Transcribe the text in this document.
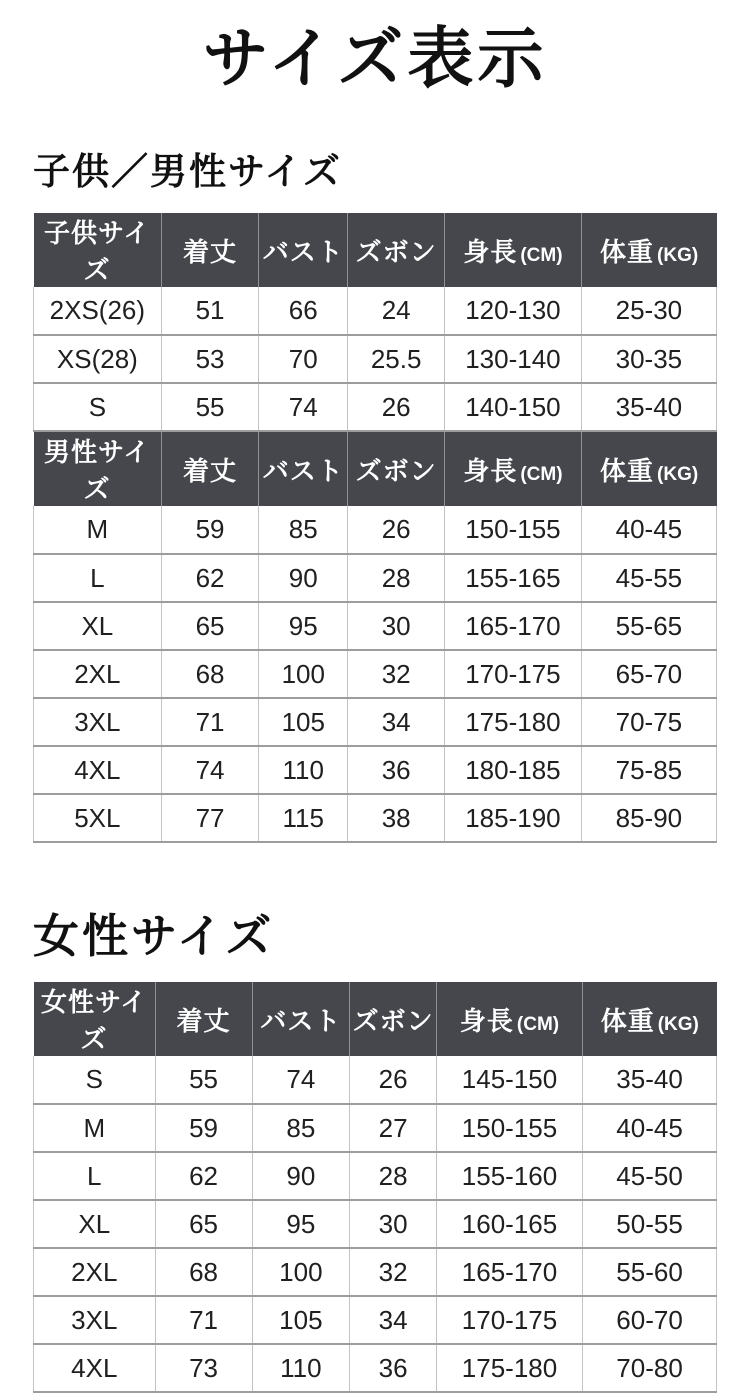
サイズ表示
子供／男性サイズ
子供サイズ	着丈	バスト	ズボン	身長 (CM)	体重 (KG)
2XS(26)	51	66	24	120-130	25-30
XS(28)	53	70	25.5	130-140	30-35
S	55	74	26	140-150	35-40
男性サイズ	着丈	バスト	ズボン	身長 (CM)	体重 (KG)
M	59	85	26	150-155	40-45
L	62	90	28	155-165	45-55
XL	65	95	30	165-170	55-65
2XL	68	100	32	170-175	65-70
3XL	71	105	34	175-180	70-75
4XL	74	110	36	180-185	75-85
5XL	77	115	38	185-190	85-90
女性サイズ
女性サイズ	着丈	バスト	ズボン	身長 (CM)	体重 (KG)
S	55	74	26	145-150	35-40
M	59	85	27	150-155	40-45
L	62	90	28	155-160	45-50
XL	65	95	30	160-165	50-55
2XL	68	100	32	165-170	55-60
3XL	71	105	34	170-175	60-70
4XL	73	110	36	175-180	70-80
